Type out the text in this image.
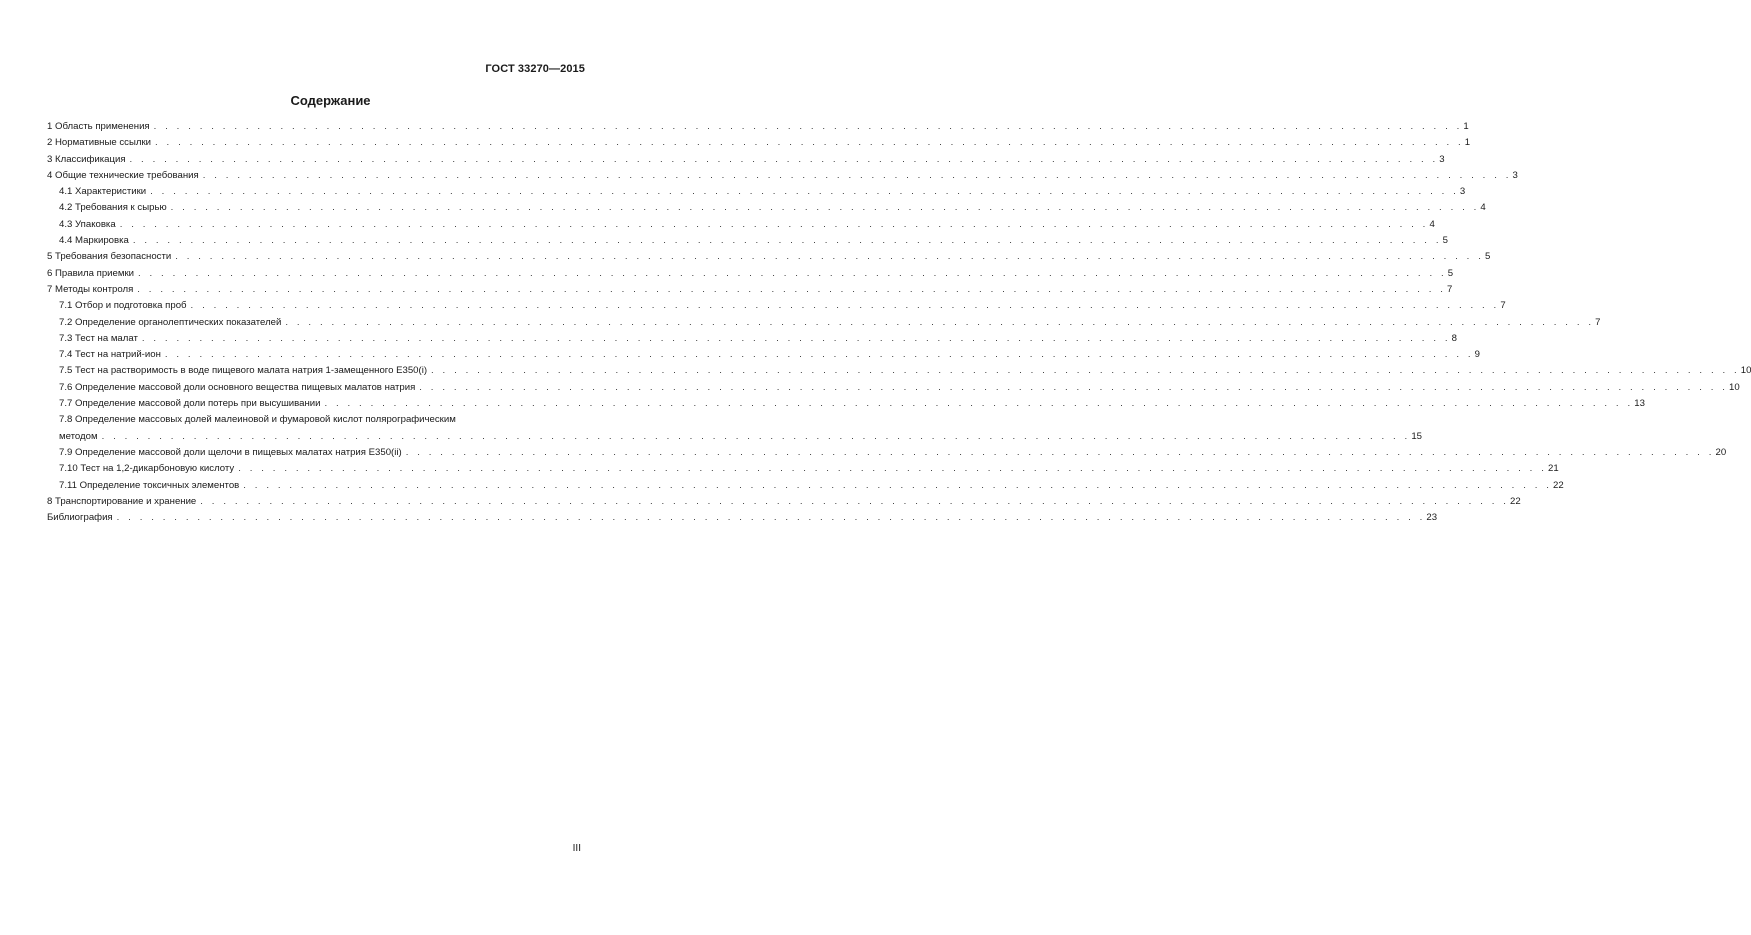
ГОСТ 33270—2015
Содержание
1 Область применения . . . . . . . . . . . . . . . . . . . . . . . . . . . . . . . . . . . . . . . . . . . . . . . . . . . . . . . . . . . . . . . . . . . . . . . . . . . . . . . . . . . . . . . . . . . . . . . . . . . . . . . . . . . . . . . . . . 1
2 Нормативные ссылки . . . . . . . . . . . . . . . . . . . . . . . . . . . . . . . . . . . . . . . . . . . . . . . . . . . . . . . . . . . . . . . . . . . . . . . . . . . . . . . . . . . . . . . . . . . . . . . . . . . . . . . . . . . . . . . . . . 1
3 Классификация . . . . . . . . . . . . . . . . . . . . . . . . . . . . . . . . . . . . . . . . . . . . . . . . . . . . . . . . . . . . . . . . . . . . . . . . . . . . . . . . . . . . . . . . . . . . . . . . . . . . . . . . . . . . . . . . . . 3
4 Общие технические требования . . . . . . . . . . . . . . . . . . . . . . . . . . . . . . . . . . . . . . . . . . . . . . . . . . . . . . . . . . . . . . . . . . . . . . . . . . . . . . . . . . . . . . . . . . . . . . . . . . . . . . . . . . . . . . . . . . 3
4.1 Характеристики . . . . . . . . . . . . . . . . . . . . . . . . . . . . . . . . . . . . . . . . . . . . . . . . . . . . . . . . . . . . . . . . . . . . . . . . . . . . . . . . . . . . . . . . . . . . . . . . . . . . . . . . . . . . . . . . . . 3
4.2 Требования к сырью . . . . . . . . . . . . . . . . . . . . . . . . . . . . . . . . . . . . . . . . . . . . . . . . . . . . . . . . . . . . . . . . . . . . . . . . . . . . . . . . . . . . . . . . . . . . . . . . . . . . . . . . . . . . . . . . . . 4
4.3 Упаковка . . . . . . . . . . . . . . . . . . . . . . . . . . . . . . . . . . . . . . . . . . . . . . . . . . . . . . . . . . . . . . . . . . . . . . . . . . . . . . . . . . . . . . . . . . . . . . . . . . . . . . . . . . . . . . . . . . 4
4.4 Маркировка . . . . . . . . . . . . . . . . . . . . . . . . . . . . . . . . . . . . . . . . . . . . . . . . . . . . . . . . . . . . . . . . . . . . . . . . . . . . . . . . . . . . . . . . . . . . . . . . . . . . . . . . . . . . . . . . . . 5
5 Требования безопасности . . . . . . . . . . . . . . . . . . . . . . . . . . . . . . . . . . . . . . . . . . . . . . . . . . . . . . . . . . . . . . . . . . . . . . . . . . . . . . . . . . . . . . . . . . . . . . . . . . . . . . . . . . . . . . . . . . 5
6 Правила приемки . . . . . . . . . . . . . . . . . . . . . . . . . . . . . . . . . . . . . . . . . . . . . . . . . . . . . . . . . . . . . . . . . . . . . . . . . . . . . . . . . . . . . . . . . . . . . . . . . . . . . . . . . . . . . . . . . . 5
7 Методы контроля . . . . . . . . . . . . . . . . . . . . . . . . . . . . . . . . . . . . . . . . . . . . . . . . . . . . . . . . . . . . . . . . . . . . . . . . . . . . . . . . . . . . . . . . . . . . . . . . . . . . . . . . . . . . . . . . . . 7
7.1 Отбор и подготовка проб . . . . . . . . . . . . . . . . . . . . . . . . . . . . . . . . . . . . . . . . . . . . . . . . . . . . . . . . . . . . . . . . . . . . . . . . . . . . . . . . . . . . . . . . . . . . . . . . . . . . . . . . . . . . . . . . . . 7
7.2 Определение органолептических показателей . . . . . . . . . . . . . . . . . . . . . . . . . . . . . . . . . . . . . . . . . . . . . . . . . . . . . . . . . . . . . . . . . . . . . . . . . . . . . . . . . . . . . . . . . . . . . . . . . . . . . . . . . . . . . . . . . . 7
7.3 Тест на малат . . . . . . . . . . . . . . . . . . . . . . . . . . . . . . . . . . . . . . . . . . . . . . . . . . . . . . . . . . . . . . . . . . . . . . . . . . . . . . . . . . . . . . . . . . . . . . . . . . . . . . . . . . . . . . . . . . 8
7.4 Тест на натрий-ион . . . . . . . . . . . . . . . . . . . . . . . . . . . . . . . . . . . . . . . . . . . . . . . . . . . . . . . . . . . . . . . . . . . . . . . . . . . . . . . . . . . . . . . . . . . . . . . . . . . . . . . . . . . . . . . . . . 9
7.5 Тест на растворимость в воде пищевого малата натрия 1-замещенного Е350(i) . . . . . . . . . . . . . . . . . . . . . . . . . . . . . . . . . . . . . . . . . . . . . . . . . . . . . . . . . . . . . . . . . . . . . . . . . . . . . . . . . . . . . . . . . . . . . . . . . . . . . . . . . . . . . . . . . . 10
7.6 Определение массовой доли основного вещества пищевых малатов натрия . . . . . . . . . . . . . . . . . . . . . . . . . . . . . . . . . . . . . . . . . . . . . . . . . . . . . . . . . . . . . . . . . . . . . . . . . . . . . . . . . . . . . . . . . . . . . . . . . . . . . . . . . . . . . . . . . . 10
7.7 Определение массовой доли потерь при высушивании . . . . . . . . . . . . . . . . . . . . . . . . . . . . . . . . . . . . . . . . . . . . . . . . . . . . . . . . . . . . . . . . . . . . . . . . . . . . . . . . . . . . . . . . . . . . . . . . . . . . . . . . . . . . . . . . . . 13
7.8 Определение массовых долей малеиновой и фумаровой кислот полярографическим
методом . . . . . . . . . . . . . . . . . . . . . . . . . . . . . . . . . . . . . . . . . . . . . . . . . . . . . . . . . . . . . . . . . . . . . . . . . . . . . . . . . . . . . . . . . . . . . . . . . . . . . . . . . . . . . . . . . . 15
7.9 Определение массовой доли щелочи в пищевых малатах натрия Е350(ii) . . . . . . . . . . . . . . . . . . . . . . . . . . . . . . . . . . . . . . . . . . . . . . . . . . . . . . . . . . . . . . . . . . . . . . . . . . . . . . . . . . . . . . . . . . . . . . . . . . . . . . . . . . . . . . . . . . 20
7.10 Тест на 1,2-дикарбоновую кислоту . . . . . . . . . . . . . . . . . . . . . . . . . . . . . . . . . . . . . . . . . . . . . . . . . . . . . . . . . . . . . . . . . . . . . . . . . . . . . . . . . . . . . . . . . . . . . . . . . . . . . . . . . . . . . . . . . . 21
7.11 Определение токсичных элементов . . . . . . . . . . . . . . . . . . . . . . . . . . . . . . . . . . . . . . . . . . . . . . . . . . . . . . . . . . . . . . . . . . . . . . . . . . . . . . . . . . . . . . . . . . . . . . . . . . . . . . . . . . . . . . . . . . 22
8 Транспортирование и хранение . . . . . . . . . . . . . . . . . . . . . . . . . . . . . . . . . . . . . . . . . . . . . . . . . . . . . . . . . . . . . . . . . . . . . . . . . . . . . . . . . . . . . . . . . . . . . . . . . . . . . . . . . . . . . . . . . . 22
Библиография . . . . . . . . . . . . . . . . . . . . . . . . . . . . . . . . . . . . . . . . . . . . . . . . . . . . . . . . . . . . . . . . . . . . . . . . . . . . . . . . . . . . . . . . . . . . . . . . . . . . . . . . . . . . . . . . . . 23
III
